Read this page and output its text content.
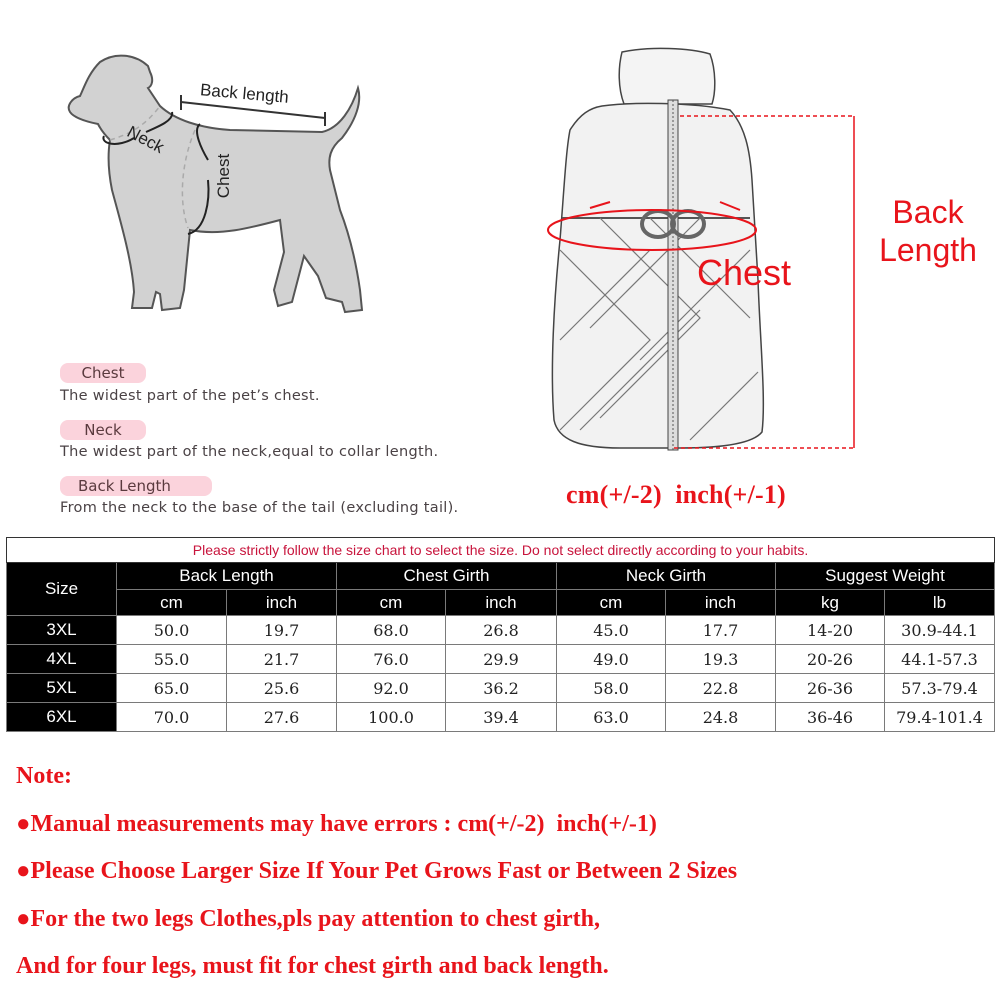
Back length
Neck
Chest
Back
Length
Chest
cm(+/-2)  inch(+/-1)
Chest
The widest part of the pet’s chest.
Neck
The widest part of the neck,equal to collar length.
Back Length
From the neck to the base of the tail (excluding tail).
Please strictly follow the size chart to select the size. Do not select directly according to your habits.								
Size	Back Length		Chest Girth		Neck Girth		Suggest Weight	
	cm	inch	cm	inch	cm	inch	kg	lb
3XL	50.0	19.7	68.0	26.8	45.0	17.7	14-20	30.9-44.1
4XL	55.0	21.7	76.0	29.9	49.0	19.3	20-26	44.1-57.3
5XL	65.0	25.6	92.0	36.2	58.0	22.8	26-36	57.3-79.4
6XL	70.0	27.6	100.0	39.4	63.0	24.8	36-46	79.4-101.4
Note:
●Manual measurements may have errors : cm(+/-2)  inch(+/-1)
●Please Choose Larger Size If Your Pet Grows Fast or Between 2 Sizes
●For the two legs Clothes,pls pay attention to chest girth,
And for four legs, must fit for chest girth and back length.
